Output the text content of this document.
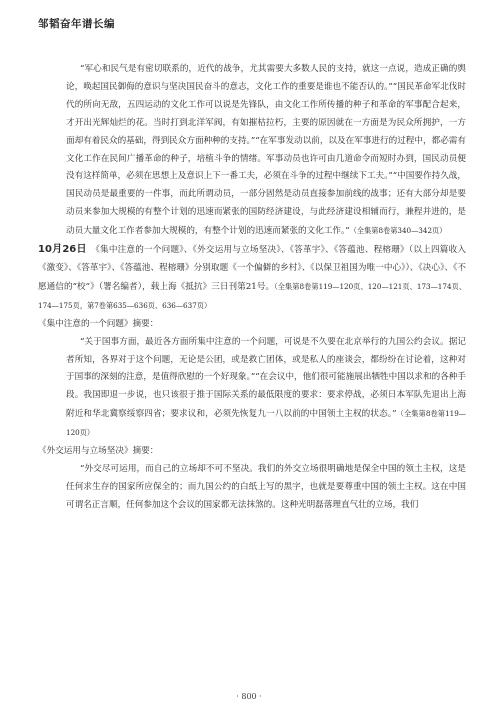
邹韬奋年谱长编

“军心和民气是有密切联系的，近代的战争，尤其需要大多数人民的支持，就这一点说，造成正确的舆论，唤起国民御侮的意识与坚决国民奋斗的意志，文化工作的重要是谁也不能否认的。”“国民革命军北伐时代的所向无敌，五四运动的文化工作可以说是先锋队，由文化工作所传播的种子和革命的军事配合起来，才开出光辉灿烂的花。当时打到北洋军阀，有如摧枯拉朽，主要的原因就在一方面是为民众所拥护，一方面却有着民众的基础，得到民众方面种种的支持。”“在军事发动以前，以及在军事进行的过程中，都必需有文化工作在民间广播革命的种子，培植斗争的情绪。军事动员也许可由几道命令而短时办到，国民动员便没有这样简单，必须在思想上及意识上下一番工夫，必须在斗争的过程中继续下工夫。”“中国要作持久战，国民动员是最重要的一件事，而此所谓动员，一部分固然是动员直接参加前线的战事；还有大部分却是要动员来参加大规模的有整个计划的迅速而紧张的国防经济建设，与此经济建设相辅而行，兼程并进的，是动员大量文化工作者参加大规模的，有整个计划的迅速而紧张的文化工作。”（全集第8卷第340—342页）

10月26日　 《集中注意的一个问题》、《外交运用与立场坚决》、《答革宇》、《答蕴池、程榕珊》（以上四篇收入《激变》、《答革宇》、《答蕴池、程榕珊》分别取题《一个偏僻的乡村》、《以保卫祖国为唯一中心》）、《决心》、《不愿通信的“校”》（署名编者），载上海《抵抗》三日刊第21号。（全集第8卷第119—120页、120—121页、173—174页、174—175页，第7卷第635—636页、636—637页）

《集中注意的一个问题》摘要：

“关于国事方面，最近各方面所集中注意的一个问题，可说是不久要在北京举行的九国公约会议。据记者所知，各界对于这个问题，无论是公团，或是救亡团体，或是私人的座谈会，都纷纷在讨论着，这种对于国事的深刻的注意，是值得欣慰的一个好现象。”“在会议中，他们很可能施展出牺牲中国以求和的各种手段。我国即退一步说，也只该很于推于国际关系的最低限度的要求：要求停战，必须日本军队先退出上海附近和华北冀察绥察四省；要求议和，必须先恢复九一八以前的中国领土主权的状态。”（全集第8卷第119—120页）

《外交运用与立场坚决》摘要：

“外交尽可运用，而自己的立场却不可不坚决。我们的外交立场很明确地是保全中国的领土主权，这是任何求生存的国家所应保全的；而九国公约的白纸上写的黑字，也就是要尊重中国的领土主权。这在中国可谓名正言顺，任何参加这个会议的国家都无法抹煞的。这种光明磊落理直气壮的立场，我们

· 800 ·
